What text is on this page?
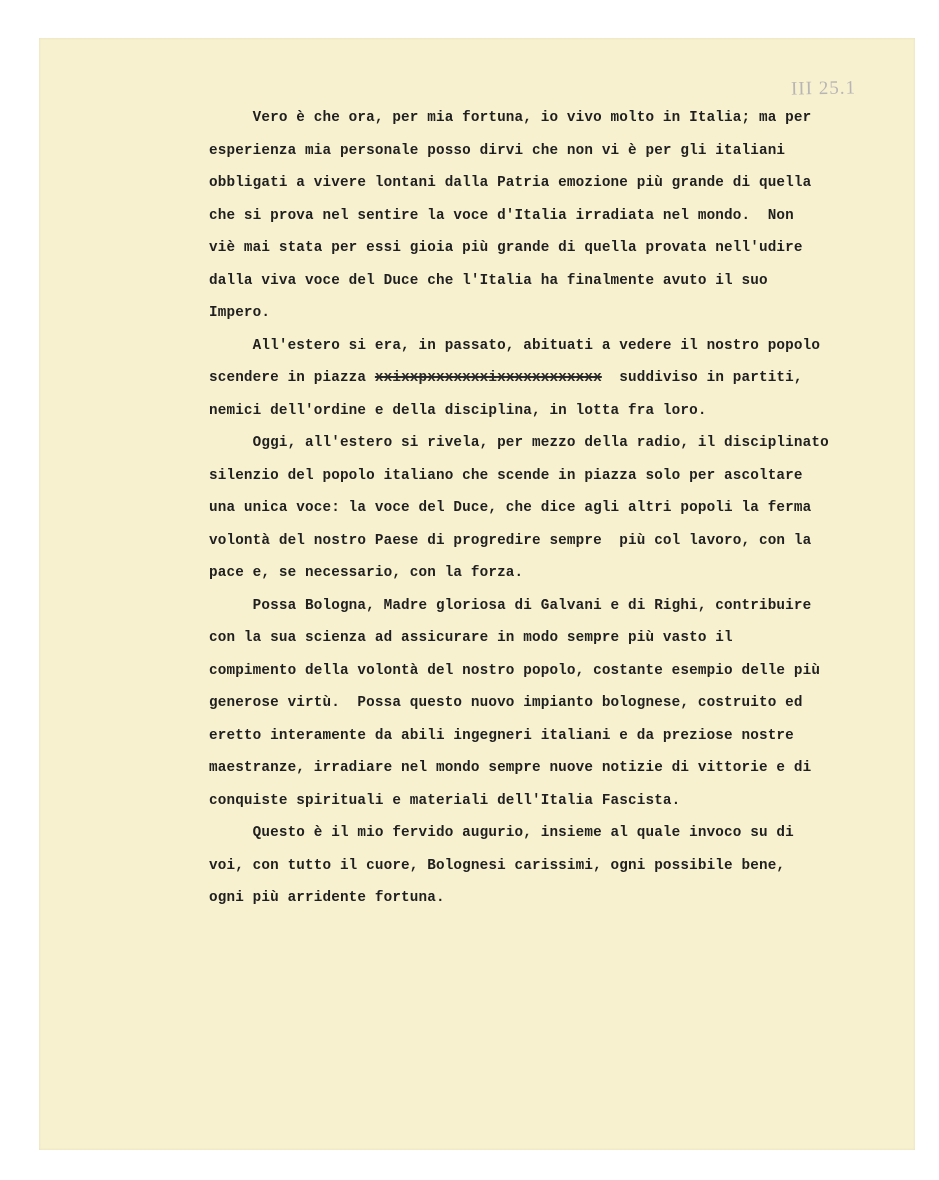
III 25.1
Vero è che ora, per mia fortuna, io vivo molto in Italia; ma per
esperienza mia personale posso dirvi che non vi è per gli italiani
obbligati a vivere lontani dalla Patria emozione più grande di quella
che si prova nel sentire la voce d'Italia irradiata nel mondo.  Non
viè mai stata per essi gioia più grande di quella provata nell'udire
dalla viva voce del Duce che l'Italia ha finalmente avuto il suo
Impero.
All'estero si era, in passato, abituati a vedere il nostro popolo
scendere in piazza xxixxpxxxxxxxixxxxxxxxxxxx  suddiviso in partiti,
nemici dell'ordine e della disciplina, in lotta fra loro.
Oggi, all'estero si rivela, per mezzo della radio, il disciplinato
silenzio del popolo italiano che scende in piazza solo per ascoltare
una unica voce: la voce del Duce, che dice agli altri popoli la ferma
volontà del nostro Paese di progredire sempre  più col lavoro, con la
pace e, se necessario, con la forza.
Possa Bologna, Madre gloriosa di Galvani e di Righi, contribuire
con la sua scienza ad assicurare in modo sempre più vasto il
compimento della volontà del nostro popolo, costante esempio delle più
generose virtù.  Possa questo nuovo impianto bolognese, costruito ed
eretto interamente da abili ingegneri italiani e da preziose nostre
maestranze, irradiare nel mondo sempre nuove notizie di vittorie e di
conquiste spirituali e materiali dell'Italia Fascista.
Questo è il mio fervido augurio, insieme al quale invoco su di
voi, con tutto il cuore, Bolognesi carissimi, ogni possibile bene,
ogni più arridente fortuna.
